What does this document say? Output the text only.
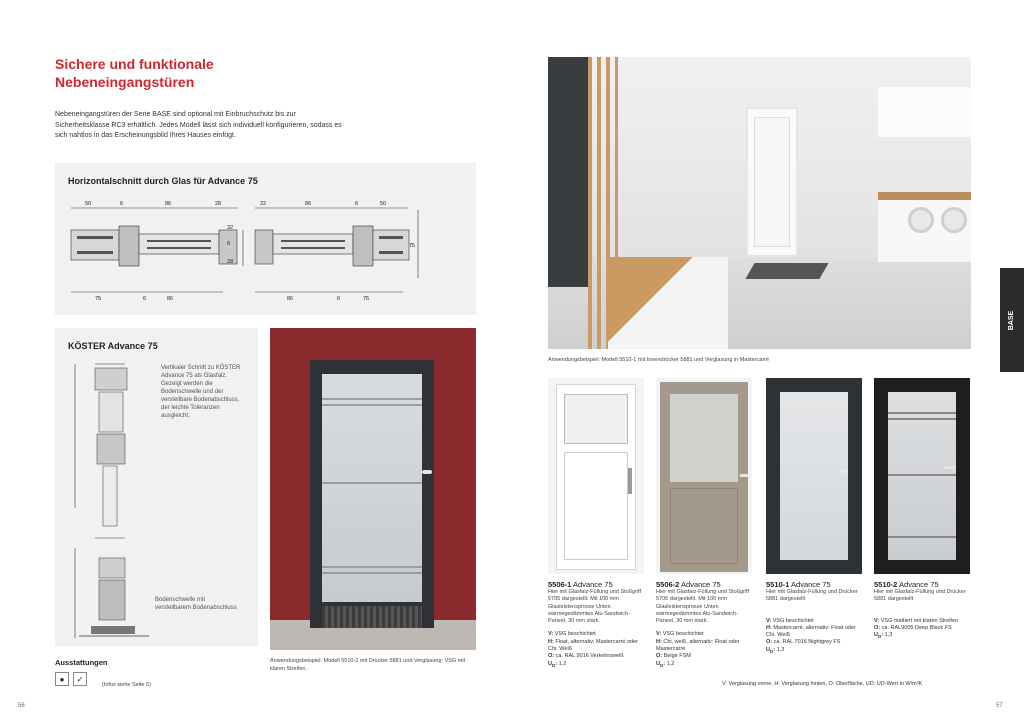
Sichere und funktionale
Nebeneingangstüren
Nebeneingangstüren der Serie BASE sind optional mit Einbruchschutz bis zur Sicherheitsklasse RC3 erhältlich. Jedes Modell lässt sich individuell konfigurieren, sodass es sich nahtlos in das Erscheinungsbild Ihres Hauses einfügt.
Horizontalschnitt durch Glas für Advance 75
50	6	86	28	22	86	6	50
75	6	86	86	6	75
32
6
28
75
KÖSTER Advance 75
Vertikaler Schnitt zu KÖSTER Advance 75 als Glasfalz. Gezeigt werden die Bodenschwelle und der verstellbare Bodenabschluss, der leichte Toleranzen ausgleicht.
Bodenschwelle mit verstellbarem Bodenabschluss
Anwendungsbeispiel: Modell 5510-2 mit Drücker 5881 und Verglasung: VSG mit klaren Streifen.
Ausstattungen
●	✓
(Infos siehe Seite 5)
56
Anwendungsbeispiel: Modell 5510-1 mit Innendrücker 5881 und Verglasung in Mastercarré
BASE
5506-1 Advance 75
Hier mit Glasfalz-Füllung und Stoßgriff 5705 dargestellt. Mit 100 mm Glasleistensprosse Unten wärmegedämmtes Alu-Sandwich-Paneel, 30 mm stark.
V: VSG beschichtet
H: Float, alternativ: Mastercarré oder Chi. Weiß
O: ca. RAL 9016 Verkehrsweiß
$U_D$: 1,2
5506-2 Advance 75
Hier mit Glasfalz-Füllung und Stoßgriff 5706 dargestellt. Mit 100 mm Glasleistensprosse Unten wärmegedämmtes Alu-Sandwich-Paneel, 30 mm stark.
V: VSG beschichtet
H: Chi. weiß, alternativ: Float oder Mastercarré
O: Beige FSM
$U_D$: 1,2
5510-1 Advance 75
Hier mit Glasfalz-Füllung und Drücker 5881 dargestellt
V: VSG beschichtet
H: Mastercarré, alternativ: Float oder Chi. Weiß
O: ca. RAL 7016 Nightgrey FS
$U_D$: 1,3
5510-2 Advance 75
Hier mit Glasfalz-Füllung und Drücker 5881 dargestellt
V: VSG mattiert mit klaren Streifen
O: ca. RAL9005 Deep Black FS
$U_D$: 1,3
V: Verglasung vorne, H: Verglasung hinten, O: Oberfläche, UD: UD-Wert in W/m²K
57
